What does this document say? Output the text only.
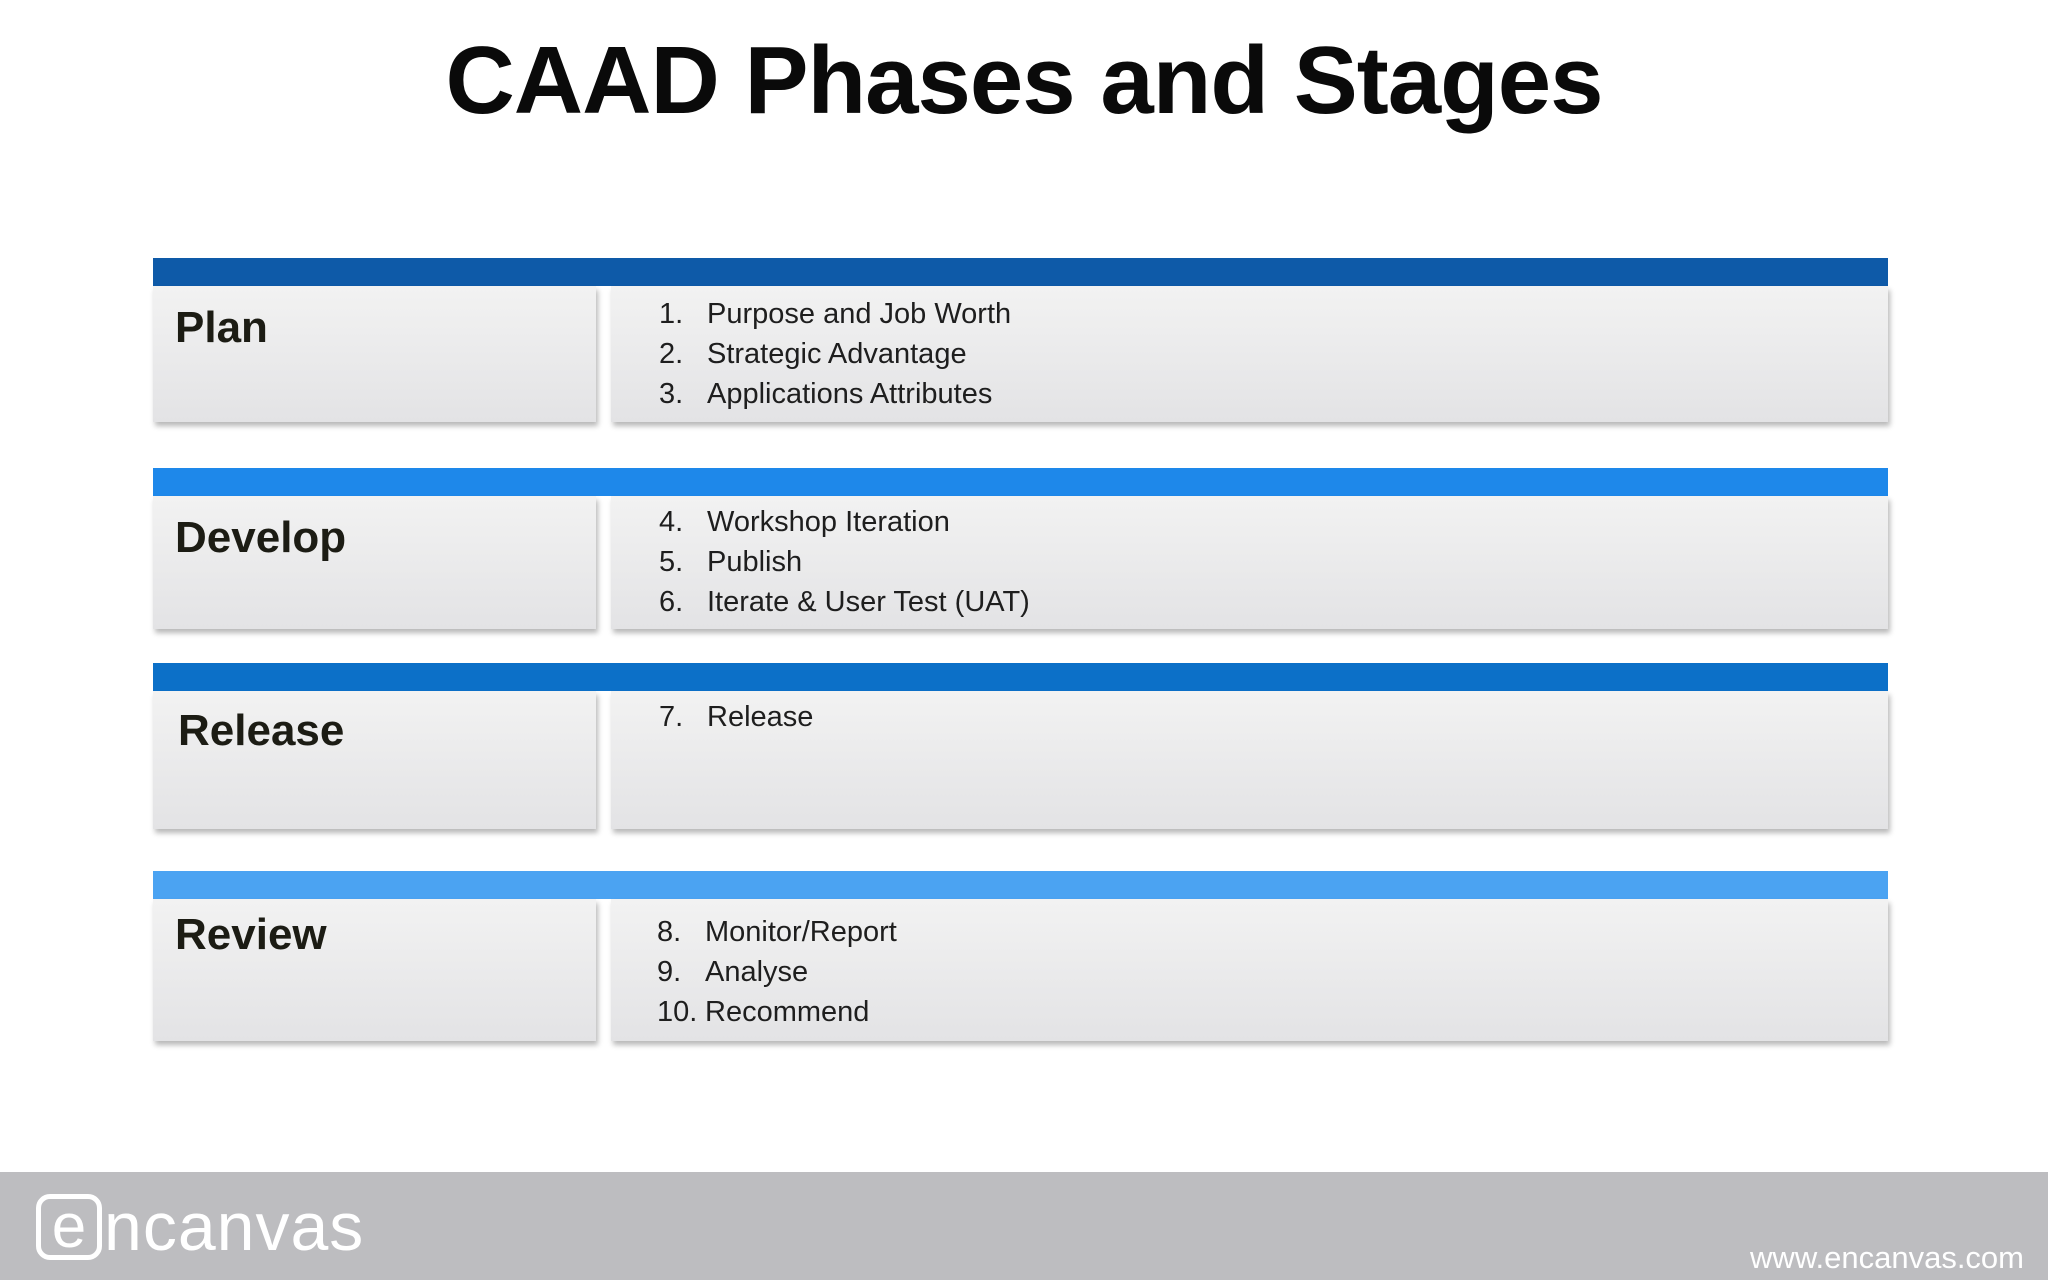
CAAD Phases and Stages
Plan	1. Purpose and Job Worth
2. Strategic Advantage
3. Applications Attributes
Develop	4. Workshop Iteration
5. Publish
6. Iterate & User Test (UAT)
Release	7. Release
Review	8. Monitor/Report
9. Analyse
10. Recommend
e ncanvas	www.encanvas.com
